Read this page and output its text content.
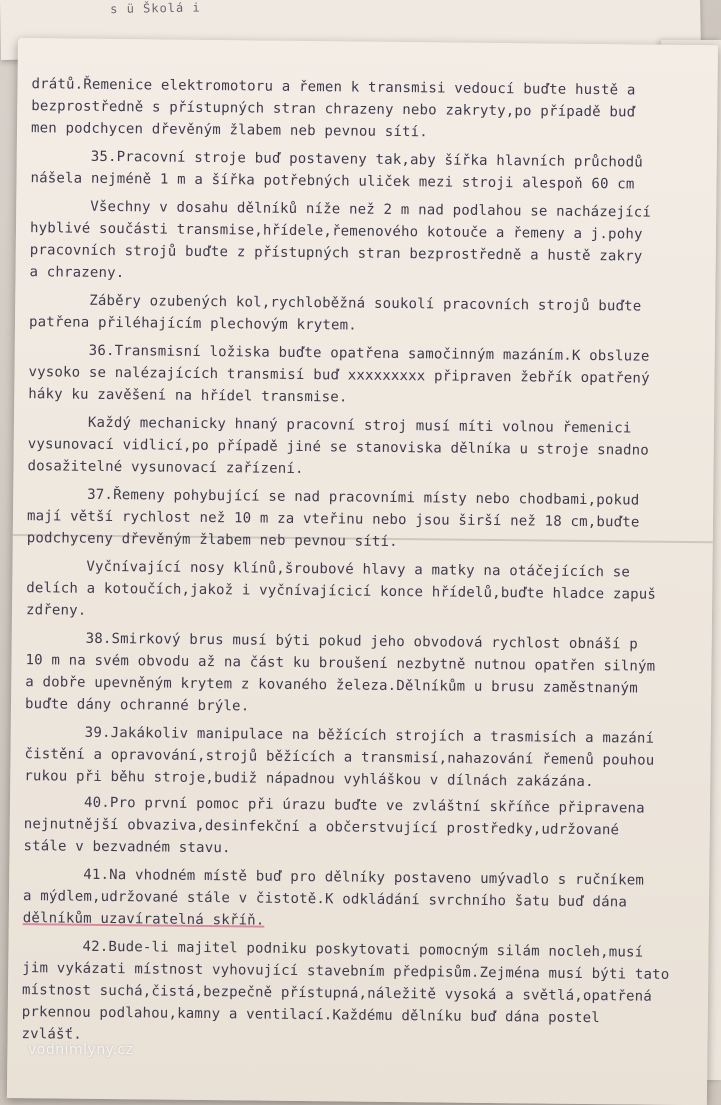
s ü Školá i
drátů.Řemenice elektromotoru a řemen k transmisi vedoucí buďte hustě a
bezprostředně s přístupných stran chrazeny nebo zakryty,po případě buď
men podchycen dřevěným žlabem neb pevnou sítí.
35.Pracovní stroje buď postaveny tak,aby šířka hlavních průchodů
nášela nejméně 1 m a šířka potřebných uliček mezi stroji alespoň 60 cm
Všechny v dosahu dělníků níže než 2 m nad podlahou se nacházející
hyblivé součásti transmise,hřídele,řemenového kotouče a řemeny a j.pohy
pracovních strojů buďte z přístupných stran bezprostředně a hustě zakry
a chrazeny.
Záběry ozubených kol,rychloběžná soukolí pracovních strojů buďte
patřena přiléhajícím plechovým krytem.
36.Transmisní ložiska buďte opatřena samočinným mazáním.K obsluze
vysoko se nalézajících transmisí buď xxxxxxxxx připraven žebřík opatřený
háky ku zavěšení na hřídel transmise.
Každý mechanicky hnaný pracovní stroj musí míti volnou řemenici
vysunovací vidlicí,po případě jiné se stanoviska dělníka u stroje snadno
dosažitelné vysunovací zařízení.
37.Řemeny pohybující se nad pracovními místy nebo chodbami,pokud
mají větší rychlost než 10 m za vteřinu nebo jsou širší než 18 cm,buďte
podchyceny dřevěným žlabem neb pevnou sítí.
Vyčnívající nosy klínů,šroubové hlavy a matky na otáčejících se
delích a kotoučích,jakož i vyčnívajícicí konce hřídelů,buďte hladce zapuš
zdřeny.
38.Smirkový brus musí býti pokud jeho obvodová rychlost obnáší p
10 m na svém obvodu až na část ku broušení nezbytně nutnou opatřen silným
a dobře upevněným krytem z kovaného železa.Dělníkům u brusu zaměstnaným
buďte dány ochranné brýle.
39.Jakákoliv manipulace na běžících strojích a trasmisích a mazání
čistění a opravování,strojů běžících a transmisí,nahazování řemenů pouhou
rukou při běhu stroje,budiž nápadnou vyhláškou v dílnách zakázána.
40.Pro první pomoc při úrazu buďte ve zvláštní skříňce připravena
nejnutnější obvaziva,desinfekční a občerstvující prostředky,udržované
stále v bezvadném stavu.
41.Na vhodném místě buď pro dělníky postaveno umývadlo s ručníkem
a mýdlem,udržované stále v čistotě.K odkládání svrchního šatu buď dána
dělníkům uzavíratelná skříň.
42.Bude-li majitel podniku poskytovati pomocným silám nocleh,musí
jim vykázati místnost vyhovující stavebním předpisům.Zejména musí býti tato
místnost suchá,čistá,bezpečně přístupná,náležitě vysoká a světlá,opatřená
prkennou podlahou,kamny a ventilací.Každému dělníku buď dána postel
zvlášť.
vodnimlyny.cz
